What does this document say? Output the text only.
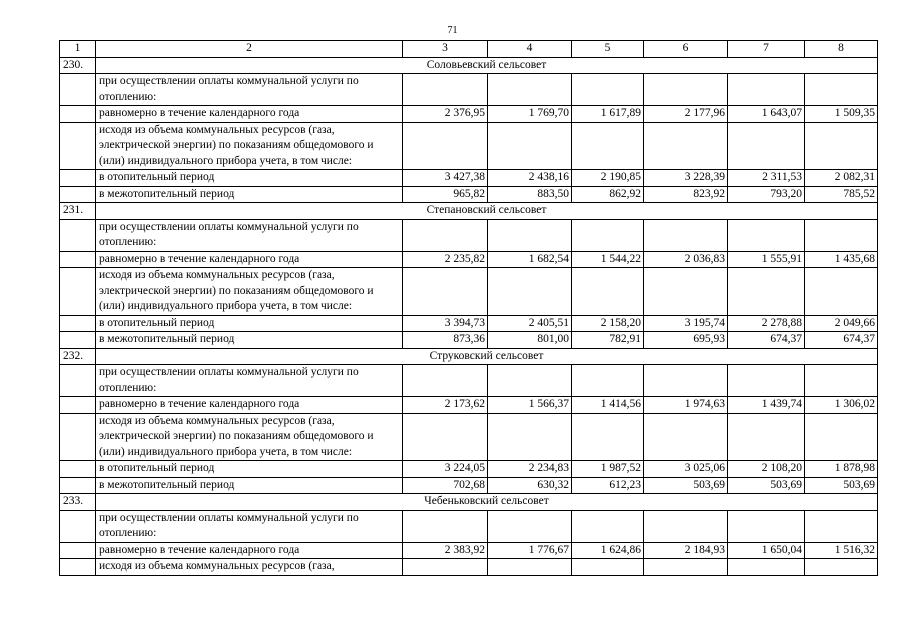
71
1	2	3	4	5	6	7	8
230.	Соловьевский сельсовет						
	при осуществлении оплаты коммунальной услуги по отоплению:						
	равномерно в течение календарного года	2 376,95	1 769,70	1 617,89	2 177,96	1 643,07	1 509,35
	исходя из объема коммунальных ресурсов (газа, электрической энергии) по показаниям общедомового и (или) индивидуального прибора учета, в том числе:						
	в отопительный период	3 427,38	2 438,16	2 190,85	3 228,39	2 311,53	2 082,31
	в межотопительный период	965,82	883,50	862,92	823,92	793,20	785,52
231.	Степановский сельсовет						
	при осуществлении оплаты коммунальной услуги по отоплению:						
	равномерно в течение календарного года	2 235,82	1 682,54	1 544,22	2 036,83	1 555,91	1 435,68
	исходя из объема коммунальных ресурсов (газа, электрической энергии) по показаниям общедомового и (или) индивидуального прибора учета, в том числе:						
	в отопительный период	3 394,73	2 405,51	2 158,20	3 195,74	2 278,88	2 049,66
	в межотопительный период	873,36	801,00	782,91	695,93	674,37	674,37
232.	Струковский сельсовет						
	при осуществлении оплаты коммунальной услуги по отоплению:						
	равномерно в течение календарного года	2 173,62	1 566,37	1 414,56	1 974,63	1 439,74	1 306,02
	исходя из объема коммунальных ресурсов (газа, электрической энергии) по показаниям общедомового и (или) индивидуального прибора учета, в том числе:						
	в отопительный период	3 224,05	2 234,83	1 987,52	3 025,06	2 108,20	1 878,98
	в межотопительный период	702,68	630,32	612,23	503,69	503,69	503,69
233.	Чебеньковский сельсовет						
	при осуществлении оплаты коммунальной услуги по отоплению:						
	равномерно в течение календарного года	2 383,92	1 776,67	1 624,86	2 184,93	1 650,04	1 516,32
	исходя из объема коммунальных ресурсов (газа,						
